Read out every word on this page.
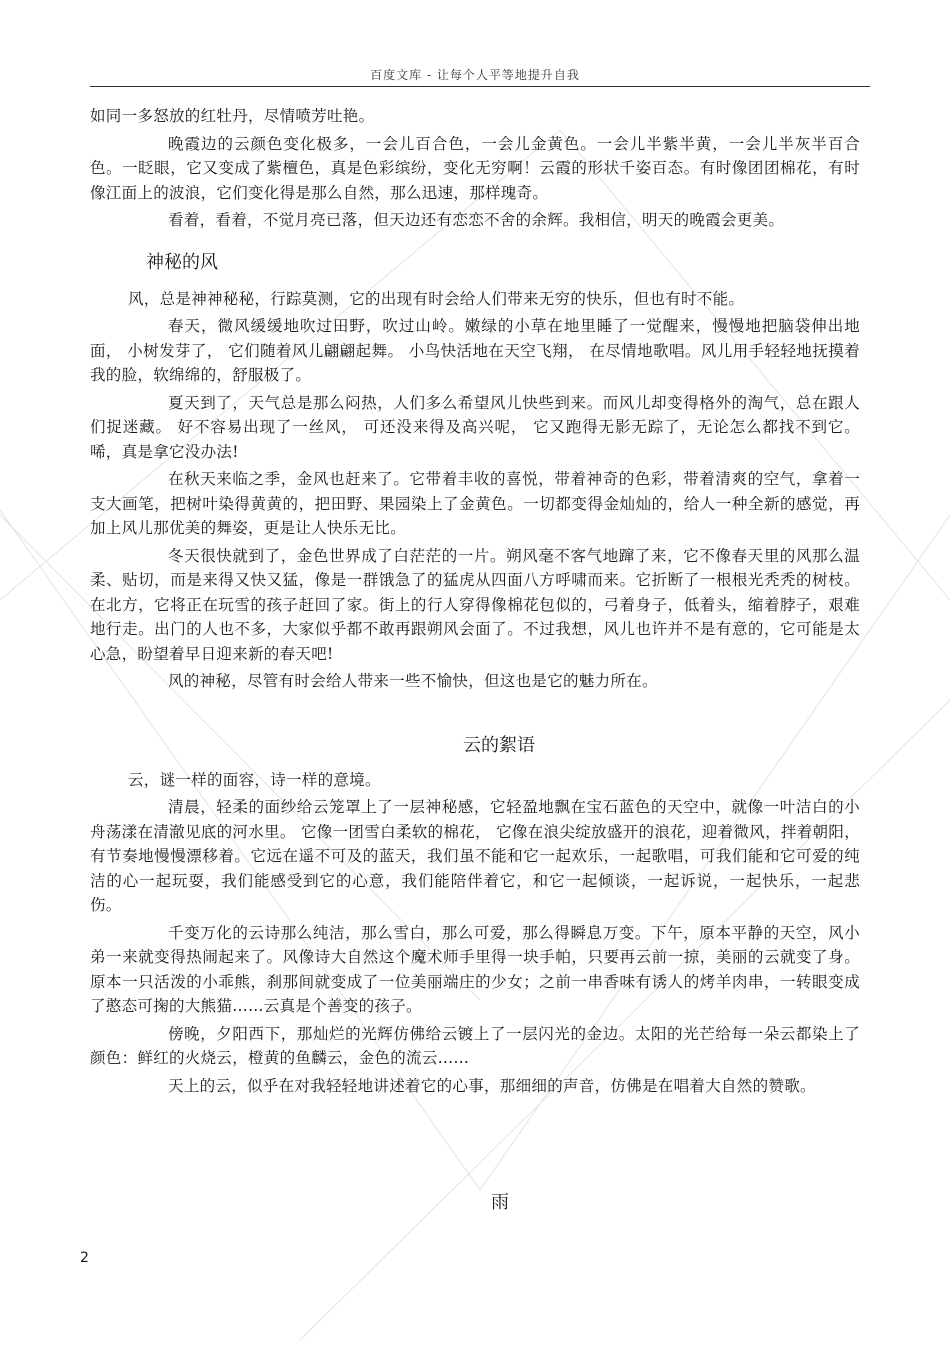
百度文库 - 让每个人平等地提升自我

如同一多怒放的红牡丹，尽情喷芳吐艳。

晚霞边的云颜色变化极多，一会儿百合色，一会儿金黄色。一会儿半紫半黄，一会儿半灰半百合色。一眨眼，它又变成了紫檀色，真是色彩缤纷，变化无穷啊！云霞的形状千姿百态。有时像团团棉花，有时像江面上的波浪，它们变化得是那么自然，那么迅速，那样瑰奇。

看着，看着，不觉月亮已落，但天边还有恋恋不舍的余辉。我相信，明天的晚霞会更美。

神秘的风

风，总是神神秘秘，行踪莫测，它的出现有时会给人们带来无穷的快乐，但也有时不能。

春天，微风缓缓地吹过田野，吹过山岭。嫩绿的小草在地里睡了一觉醒来，慢慢地把脑袋伸出地面， 小树发芽了， 它们随着风儿翩翩起舞。 小鸟快活地在天空飞翔， 在尽情地歌唱。风儿用手轻轻地抚摸着我的脸，软绵绵的，舒服极了。

夏天到了，天气总是那么闷热，人们多么希望风儿快些到来。而风儿却变得格外的淘气，总在跟人们捉迷藏。 好不容易出现了一丝风， 可还没来得及高兴呢， 它又跑得无影无踪了，无论怎么都找不到它。唏，真是拿它没办法!

在秋天来临之季，金风也赶来了。它带着丰收的喜悦，带着神奇的色彩，带着清爽的空气，拿着一支大画笔，把树叶染得黄黄的，把田野、果园染上了金黄色。一切都变得金灿灿的，给人一种全新的感觉，再加上风儿那优美的舞姿，更是让人快乐无比。

冬天很快就到了，金色世界成了白茫茫的一片。朔风毫不客气地蹿了来，它不像春天里的风那么温柔、贴切，而是来得又快又猛，像是一群饿急了的猛虎从四面八方呼啸而来。它折断了一根根光秃秃的树枝。在北方，它将正在玩雪的孩子赶回了家。街上的行人穿得像棉花包似的，弓着身子，低着头，缩着脖子，艰难地行走。出门的人也不多，大家似乎都不敢再跟朔风会面了。不过我想，风儿也许并不是有意的，它可能是太心急，盼望着早日迎来新的春天吧!

风的神秘，尽管有时会给人带来一些不愉快，但这也是它的魅力所在。

云的絮语

云，谜一样的面容，诗一样的意境。

清晨，轻柔的面纱给云笼罩上了一层神秘感，它轻盈地飘在宝石蓝色的天空中，就像一叶洁白的小舟荡漾在清澈见底的河水里。 它像一团雪白柔软的棉花， 它像在浪尖绽放盛开的浪花，迎着微风，拌着朝阳，有节奏地慢慢漂移着。它远在遥不可及的蓝天，我们虽不能和它一起欢乐，一起歌唱，可我们能和它可爱的纯洁的心一起玩耍，我们能感受到它的心意，我们能陪伴着它，和它一起倾谈，一起诉说，一起快乐，一起悲伤。

千变万化的云诗那么纯洁，那么雪白，那么可爱，那么得瞬息万变。下午，原本平静的天空，风小弟一来就变得热闹起来了。风像诗大自然这个魔术师手里得一块手帕，只要再云前一掠，美丽的云就变了身。原本一只活泼的小乖熊，刹那间就变成了一位美丽端庄的少女；之前一串香味有诱人的烤羊肉串，一转眼变成了憨态可掬的大熊猫……云真是个善变的孩子。

傍晚，夕阳西下，那灿烂的光辉仿佛给云镀上了一层闪光的金边。太阳的光芒给每一朵云都染上了颜色：鲜红的火烧云，橙黄的鱼麟云，金色的流云……

天上的云，似乎在对我轻轻地讲述着它的心事，那细细的声音，仿佛是在唱着大自然的赞歌。

雨
2
